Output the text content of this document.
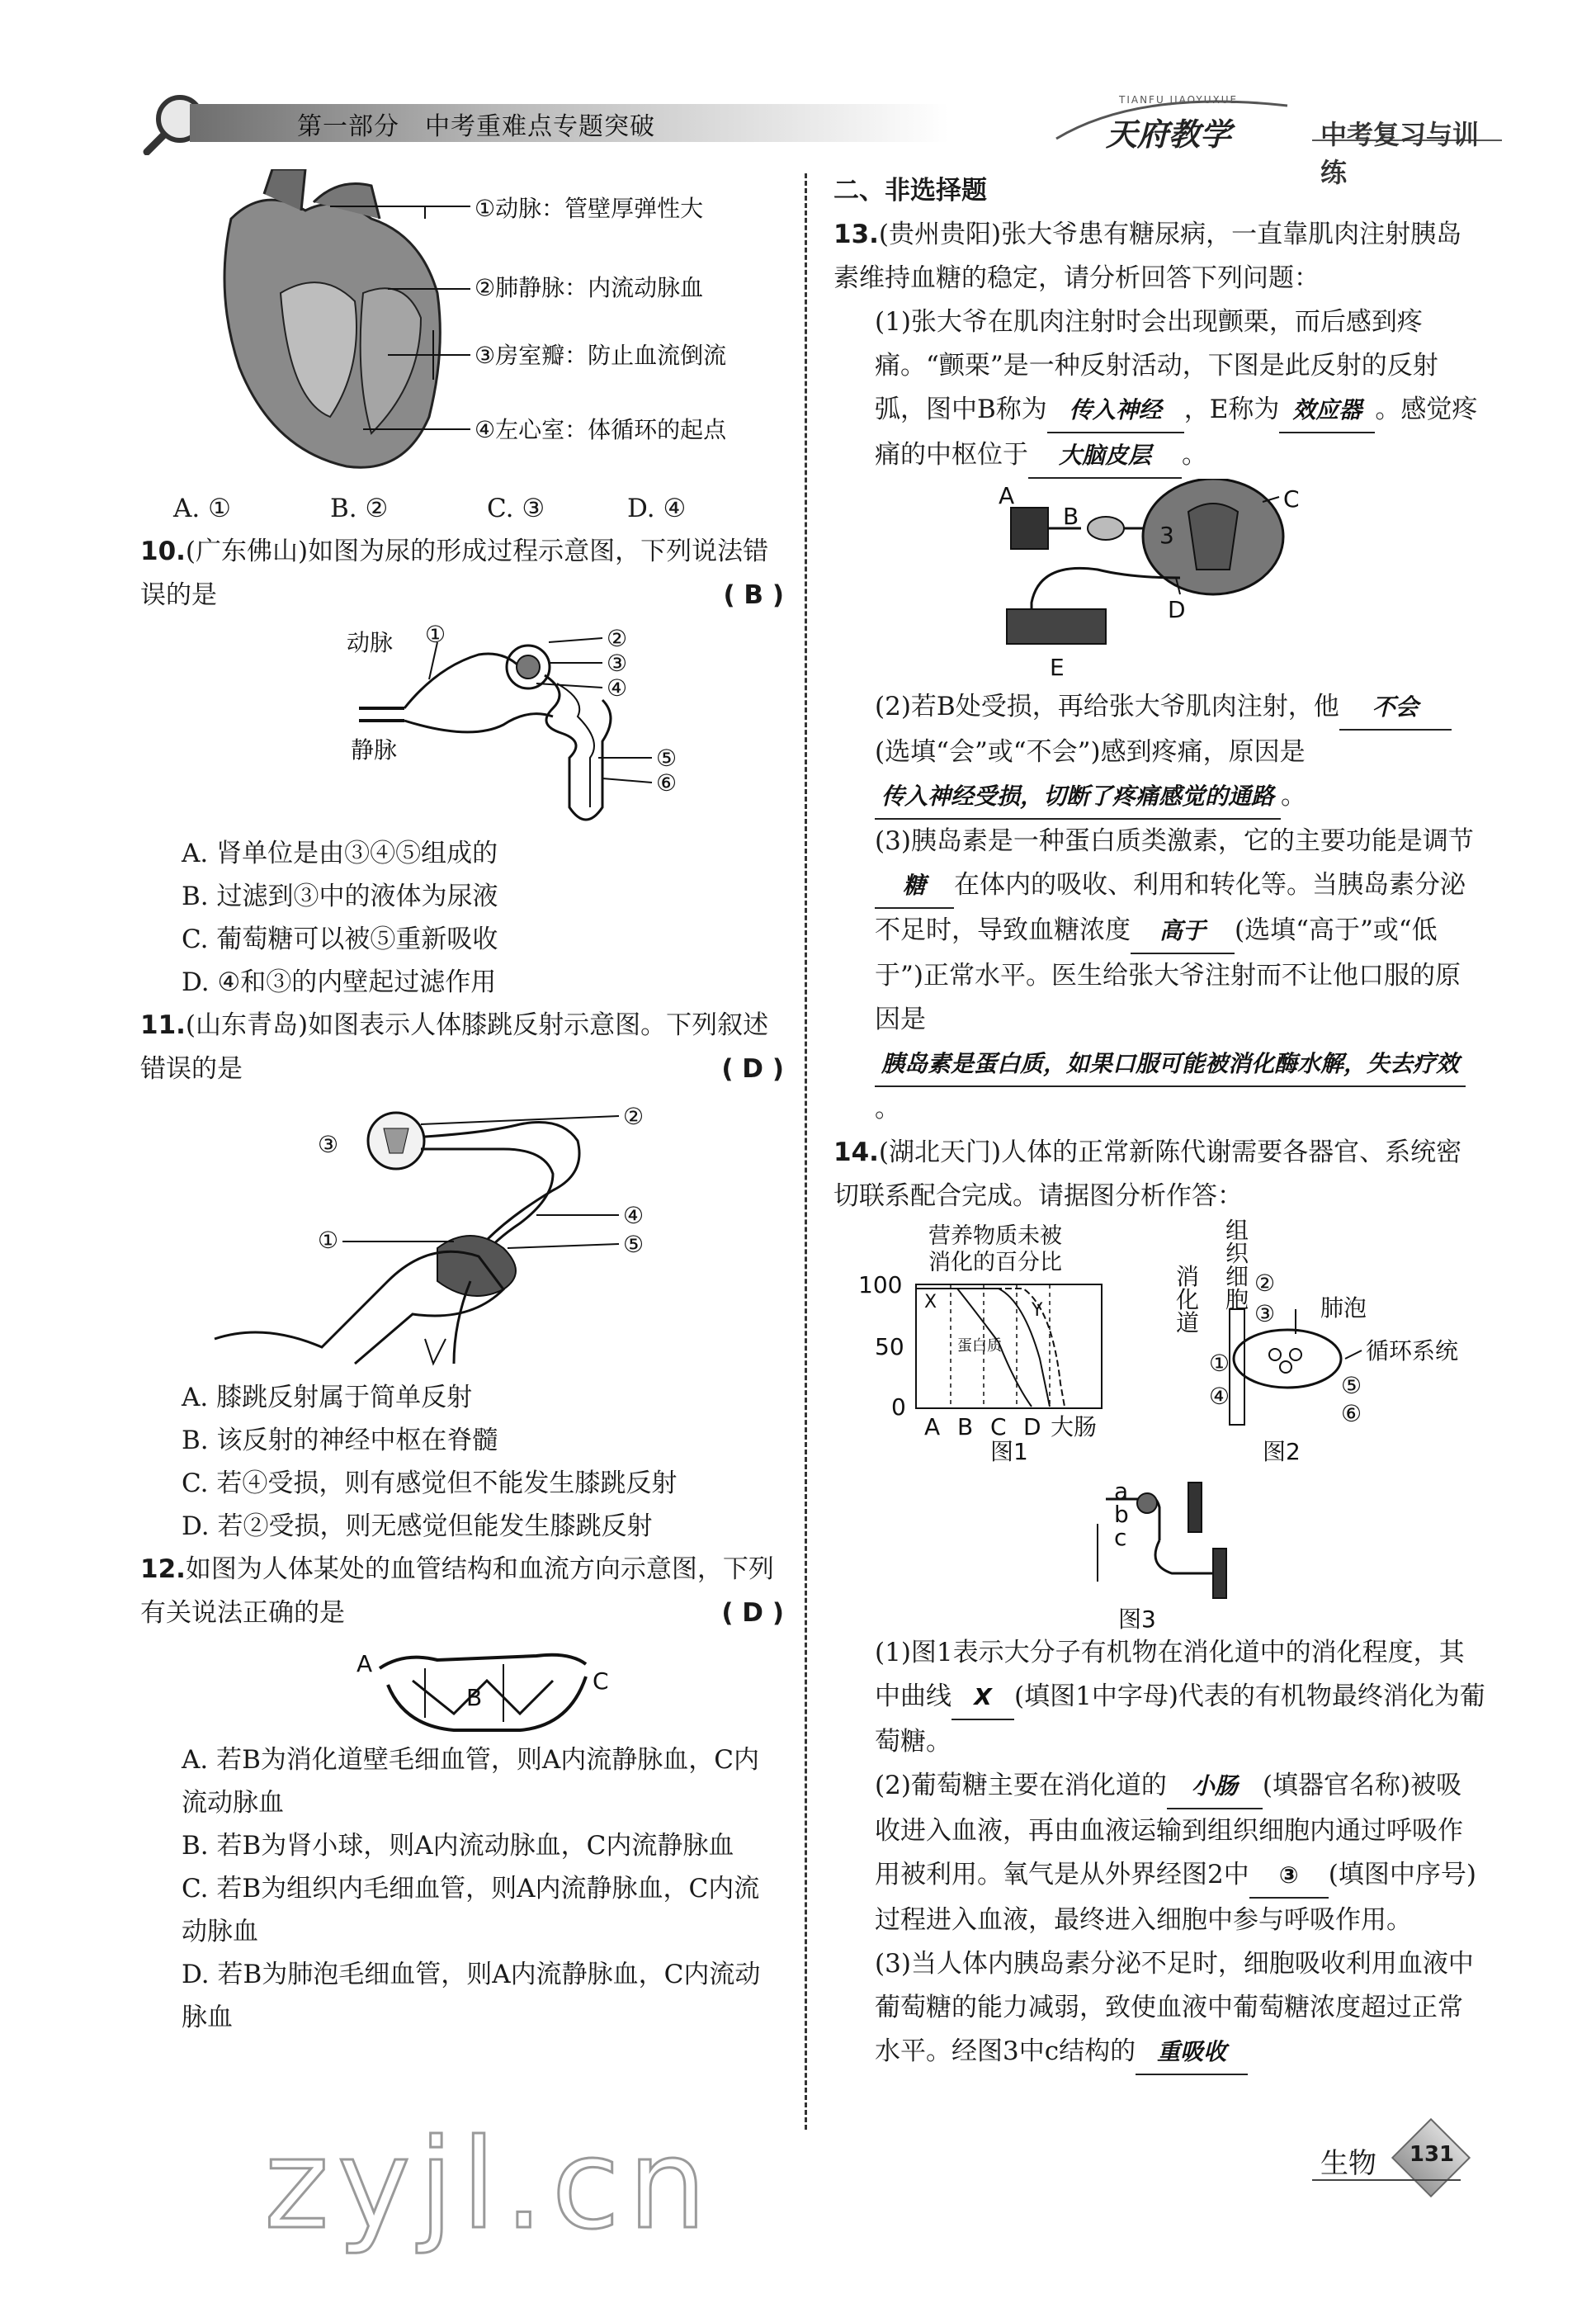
第一部分　中考重难点专题突破
TIANFU JIAOYUXUE
天府教学	中考复习与训练
①动脉：管壁厚弹性大
②肺静脉：内流动脉血
③房室瓣：防止血流倒流
④左心室：体循环的起点
A. ①	B. ②	C. ③	D. ④

10.(广东佛山)如图为尿的形成过程示意图，下列说法错误的是	( B )

动脉
静脉
①	②
③
④
⑤
⑥

A. 肾单位是由③④⑤组成的

B. 过滤到③中的液体为尿液

C. 葡萄糖可以被⑤重新吸收

D. ④和③的内壁起过滤作用

11.(山东青岛)如图表示人体膝跳反射示意图。下列叙述错误的是	( D )

③
①
②
④
⑤

A. 膝跳反射属于简单反射

B. 该反射的神经中枢在脊髓

C. 若④受损，则有感觉但不能发生膝跳反射

D. 若②受损，则无感觉但能发生膝跳反射

12.如图为人体某处的血管结构和血流方向示意图，下列有关说法正确的是	( D )

A
B
C

A. 若B为消化道壁毛细血管，则A内流静脉血，C内流动脉血

B. 若B为肾小球，则A内流动脉血，C内流静脉血

C. 若B为组织内毛细血管，则A内流静脉血，C内流动脉血

D. 若B为肺泡毛细血管，则A内流静脉血，C内流动脉血

二、非选择题

13.(贵州贵阳)张大爷患有糖尿病，一直靠肌肉注射胰岛素维持血糖的稳定，请分析回答下列问题：

(1)张大爷在肌肉注射时会出现颤栗，而后感到疼痛。“颤栗”是一种反射活动，下图是此反射的反射弧，图中B称为 传入神经 ，E称为 效应器 。感觉疼痛的中枢位于 大脑皮层 。

A
B
3
C
D
E

(2)若B处受损，再给张大爷肌肉注射，他 不会(选填“会”或“不会”)感到疼痛，原因是传入神经受损，切断了疼痛感觉的通路 。

(3)胰岛素是一种蛋白质类激素，它的主要功能是调节糖 在体内的吸收、利用和转化等。当胰岛素分泌不足时，导致血糖浓度 高于 (选填“高于”或“低于”)正常水平。医生给张大爷注射而不让他口服的原因是胰岛素是蛋白质，如果口服可能被消化酶水解，失去疗效。

14.(湖北天门)人体的正常新陈代谢需要各器官、系统密切联系配合完成。请据图分析作答：

营养物质未被
消化的百分比
X	Y
蛋白质
100
50
0
A B C D 大肠
图1
组
织
细
胞
消
化
道
②
③
①
④	⑤
⑥
肺泡
循环系统
图2
a
b
c
图3

(1)图1表示大分子有机物在消化道中的消化程度，其中曲线 X (填图1中字母)代表的有机物最终消化为葡萄糖。

(2)葡萄糖主要在消化道的 小肠 (填器官名称)被吸收进入血液，再由血液运输到组织细胞内通过呼吸作用被利用。氧气是从外界经图2中 ③ (填图中序号)过程进入血液，最终进入细胞中参与呼吸作用。

(3)当人体内胰岛素分泌不足时，细胞吸收利用血液中葡萄糖的能力减弱，致使血液中葡萄糖浓度超过正常水平。经图3中c结构的 重吸收

zyjl.cn	生物 131
